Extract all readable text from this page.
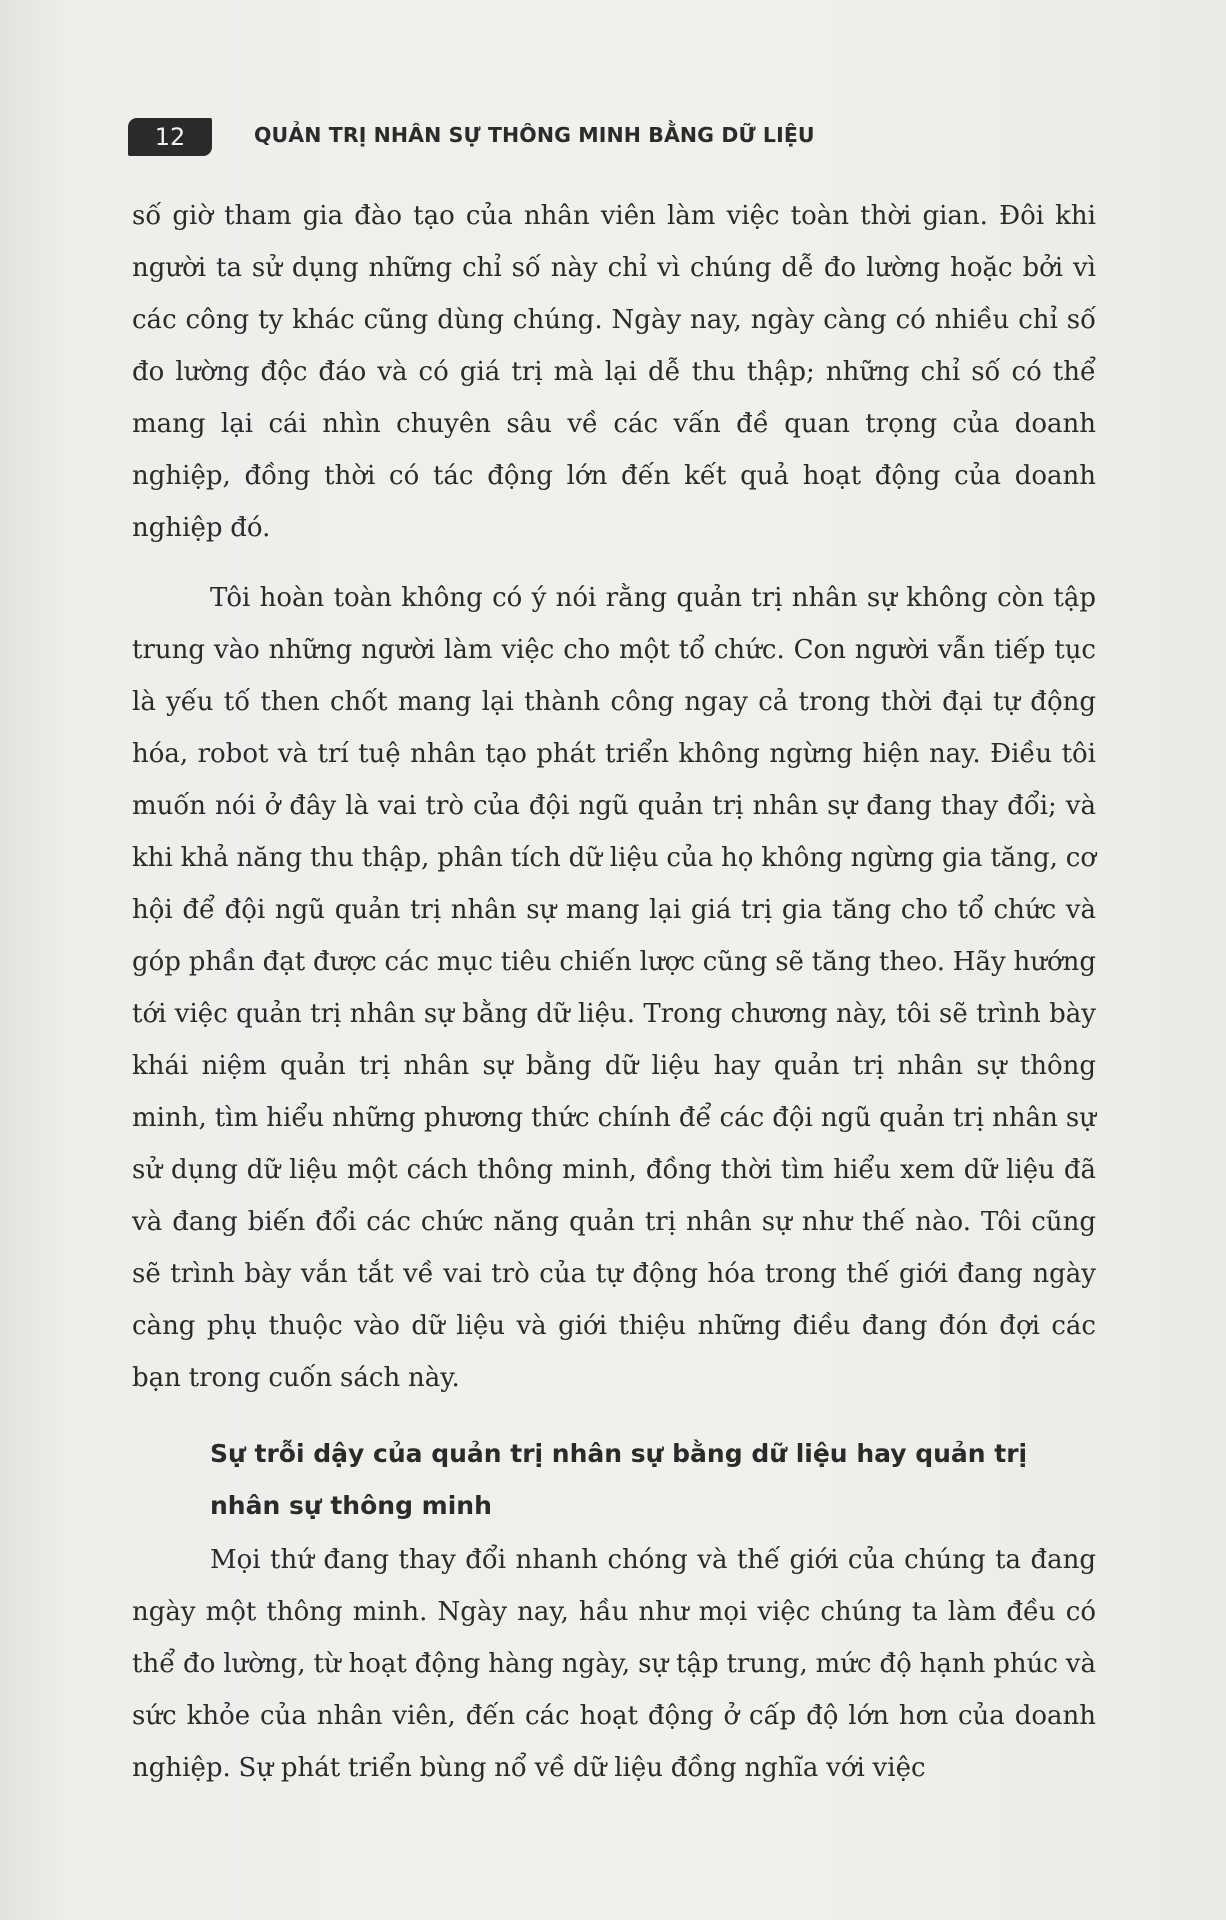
12	QUẢN TRỊ NHÂN SỰ THÔNG MINH BẰNG DỮ LIỆU

số giờ tham gia đào tạo của nhân viên làm việc toàn thời gian. Đôi khi người ta sử dụng những chỉ số này chỉ vì chúng dễ đo lường hoặc bởi vì các công ty khác cũng dùng chúng. Ngày nay, ngày càng có nhiều chỉ số đo lường độc đáo và có giá trị mà lại dễ thu thập; những chỉ số có thể mang lại cái nhìn chuyên sâu về các vấn đề quan trọng của doanh nghiệp, đồng thời có tác động lớn đến kết quả hoạt động của doanh nghiệp đó.

Tôi hoàn toàn không có ý nói rằng quản trị nhân sự không còn tập trung vào những người làm việc cho một tổ chức. Con người vẫn tiếp tục là yếu tố then chốt mang lại thành công ngay cả trong thời đại tự động hóa, robot và trí tuệ nhân tạo phát triển không ngừng hiện nay. Điều tôi muốn nói ở đây là vai trò của đội ngũ quản trị nhân sự đang thay đổi; và khi khả năng thu thập, phân tích dữ liệu của họ không ngừng gia tăng, cơ hội để đội ngũ quản trị nhân sự mang lại giá trị gia tăng cho tổ chức và góp phần đạt được các mục tiêu chiến lược cũng sẽ tăng theo. Hãy hướng tới việc quản trị nhân sự bằng dữ liệu. Trong chương này, tôi sẽ trình bày khái niệm quản trị nhân sự bằng dữ liệu hay quản trị nhân sự thông minh, tìm hiểu những phương thức chính để các đội ngũ quản trị nhân sự sử dụng dữ liệu một cách thông minh, đồng thời tìm hiểu xem dữ liệu đã và đang biến đổi các chức năng quản trị nhân sự như thế nào. Tôi cũng sẽ trình bày vắn tắt về vai trò của tự động hóa trong thế giới đang ngày càng phụ thuộc vào dữ liệu và giới thiệu những điều đang đón đợi các bạn trong cuốn sách này.

Sự trỗi dậy của quản trị nhân sự bằng dữ liệu hay quản trị nhân sự thông minh

Mọi thứ đang thay đổi nhanh chóng và thế giới của chúng ta đang ngày một thông minh. Ngày nay, hầu như mọi việc chúng ta làm đều có thể đo lường, từ hoạt động hàng ngày, sự tập trung, mức độ hạnh phúc và sức khỏe của nhân viên, đến các hoạt động ở cấp độ lớn hơn của doanh nghiệp. Sự phát triển bùng nổ về dữ liệu đồng nghĩa với việc
